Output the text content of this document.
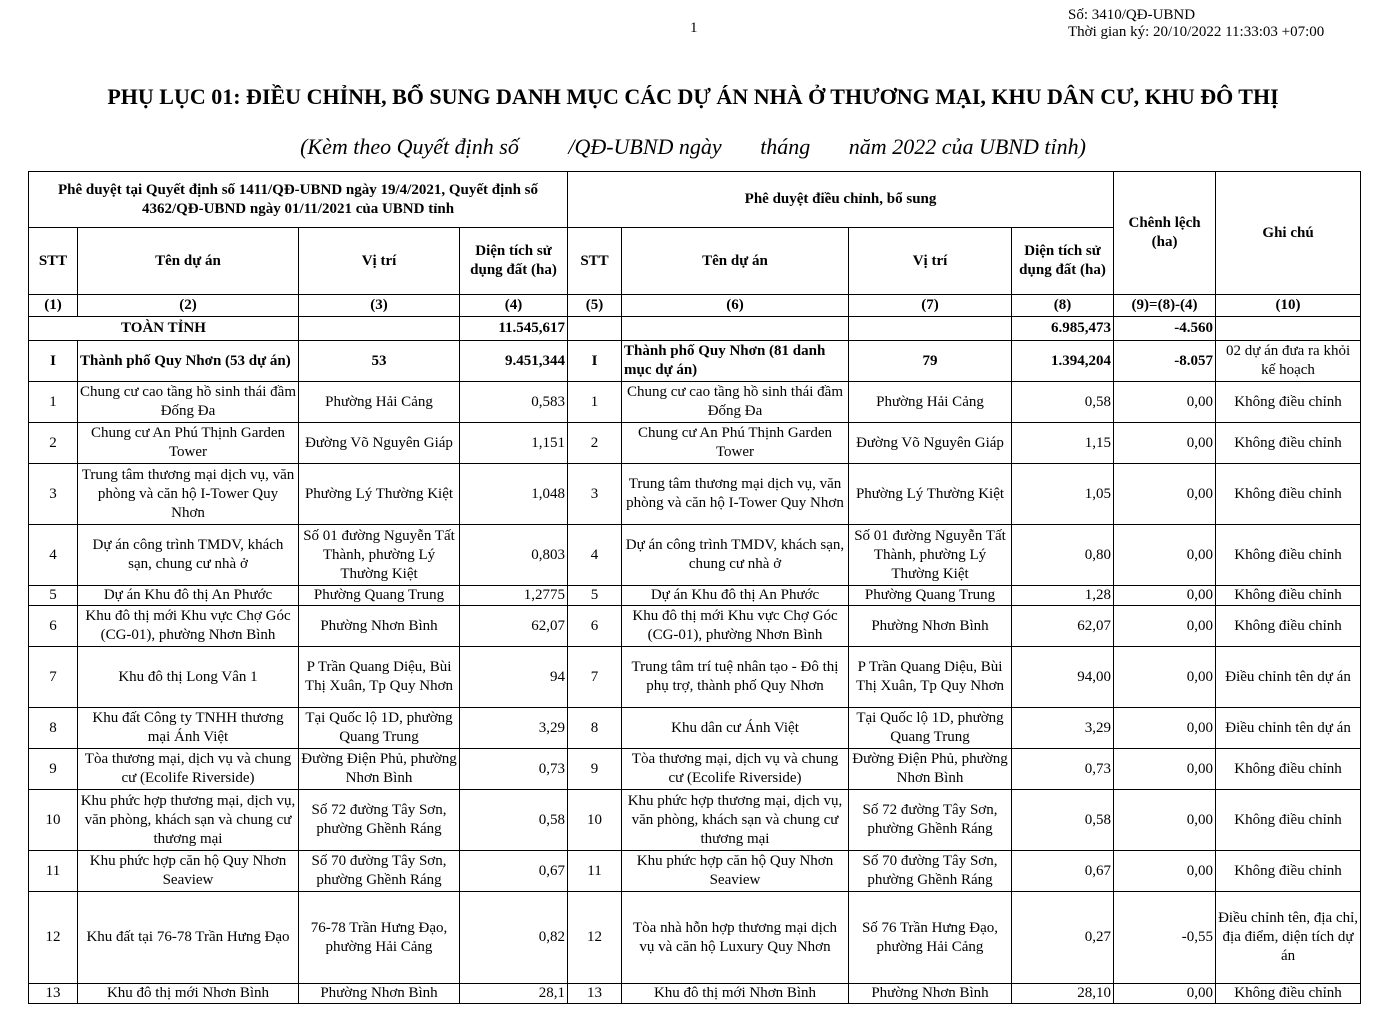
1
Số: 3410/QĐ-UBND
Thời gian ký: 20/10/2022 11:33:03 +07:00
PHỤ LỤC 01: ĐIỀU CHỈNH, BỔ SUNG DANH MỤC CÁC DỰ ÁN NHÀ Ở THƯƠNG MẠI, KHU DÂN CƯ, KHU ĐÔ THỊ
(Kèm theo Quyết định số         /QĐ-UBND ngày       tháng       năm 2022 của UBND tỉnh)
Phê duyệt tại Quyết định số 1411/QĐ-UBND ngày 19/4/2021, Quyết định số 4362/QĐ-UBND ngày 01/11/2021 của UBND tỉnh				Phê duyệt điều chỉnh, bổ sung				Chênh lệch (ha)	Ghi chú
STT	Tên dự án	Vị trí	Diện tích sử dụng đất (ha)	STT	Tên dự án	Vị trí	Diện tích sử dụng đất (ha)		
(1)	(2)	(3)	(4)	(5)	(6)	(7)	(8)	(9)=(8)-(4)	(10)
TOÀN TỈNH			11.545,617				6.985,473	-4.560	
I	Thành phố Quy Nhơn (53 dự án)	53	9.451,344	I	Thành phố Quy Nhơn (81 danh mục dự án)	79	1.394,204	-8.057	02 dự án đưa ra khỏi kế hoạch
1	Chung cư cao tầng hồ sinh thái đầm Đống Đa	Phường Hải Cảng	0,583	1	Chung cư cao tầng hồ sinh thái đầm Đống Đa	Phường Hải Cảng	0,58	0,00	Không điều chỉnh
2	Chung cư An Phú Thịnh Garden Tower	Đường Võ Nguyên Giáp	1,151	2	Chung cư An Phú Thịnh Garden Tower	Đường Võ Nguyên Giáp	1,15	0,00	Không điều chỉnh
3	Trung tâm thương mại dịch vụ, văn phòng và căn hộ I-Tower Quy Nhơn	Phường Lý Thường Kiệt	1,048	3	Trung tâm thương mại dịch vụ, văn phòng và căn hộ I-Tower Quy Nhơn	Phường Lý Thường Kiệt	1,05	0,00	Không điều chỉnh
4	Dự án công trình TMDV, khách sạn, chung cư nhà ở	Số 01 đường Nguyễn Tất Thành, phường Lý Thường Kiệt	0,803	4	Dự án công trình TMDV, khách sạn, chung cư nhà ở	Số 01 đường Nguyễn Tất Thành, phường Lý Thường Kiệt	0,80	0,00	Không điều chỉnh
5	Dự án Khu đô thị An Phước	Phường Quang Trung	1,2775	5	Dự án Khu đô thị An Phước	Phường Quang Trung	1,28	0,00	Không điều chỉnh
6	Khu đô thị mới Khu vực Chợ Góc (CG-01), phường Nhơn Bình	Phường Nhơn Bình	62,07	6	Khu đô thị mới Khu vực Chợ Góc (CG-01), phường Nhơn Bình	Phường Nhơn Bình	62,07	0,00	Không điều chỉnh
7	Khu đô thị Long Vân 1	P Trần Quang Diệu, Bùi Thị Xuân, Tp Quy Nhơn	94	7	Trung tâm trí tuệ nhân tạo - Đô thị phụ trợ, thành phố Quy Nhơn	P Trần Quang Diệu, Bùi Thị Xuân, Tp Quy Nhơn	94,00	0,00	Điều chỉnh tên dự án
8	Khu đất Công ty TNHH thương mại Ánh Việt	Tại Quốc lộ 1D, phường Quang Trung	3,29	8	Khu dân cư Ánh Việt	Tại Quốc lộ 1D, phường Quang Trung	3,29	0,00	Điều chỉnh tên dự án
9	Tòa thương mại, dịch vụ và chung cư (Ecolife Riverside)	Đường Điện Phủ, phường Nhơn Bình	0,73	9	Tòa thương mại, dịch vụ và chung cư (Ecolife Riverside)	Đường Điện Phủ, phường Nhơn Bình	0,73	0,00	Không điều chỉnh
10	Khu phức hợp thương mại, dịch vụ, văn phòng, khách sạn và chung cư thương mại	Số 72 đường Tây Sơn, phường Ghềnh Ráng	0,58	10	Khu phức hợp thương mại, dịch vụ, văn phòng, khách sạn và chung cư thương mại	Số 72 đường Tây Sơn, phường Ghềnh Ráng	0,58	0,00	Không điều chỉnh
11	Khu phức hợp căn hộ Quy Nhơn Seaview	Số 70 đường Tây Sơn, phường Ghềnh Ráng	0,67	11	Khu phức hợp căn hộ Quy Nhơn Seaview	Số 70 đường Tây Sơn, phường Ghềnh Ráng	0,67	0,00	Không điều chỉnh
12	Khu đất tại 76-78 Trần Hưng Đạo	76-78 Trần Hưng Đạo, phường Hải Cảng	0,82	12	Tòa nhà hỗn hợp thương mại dịch vụ và căn hộ Luxury Quy Nhơn	Số 76 Trần Hưng Đạo, phường Hải Cảng	0,27	-0,55	Điều chỉnh tên, địa chỉ, địa điểm, diện tích dự án
13	Khu đô thị mới Nhơn Bình	Phường Nhơn Bình	28,1	13	Khu đô thị mới Nhơn Bình	Phường Nhơn Bình	28,10	0,00	Không điều chỉnh
